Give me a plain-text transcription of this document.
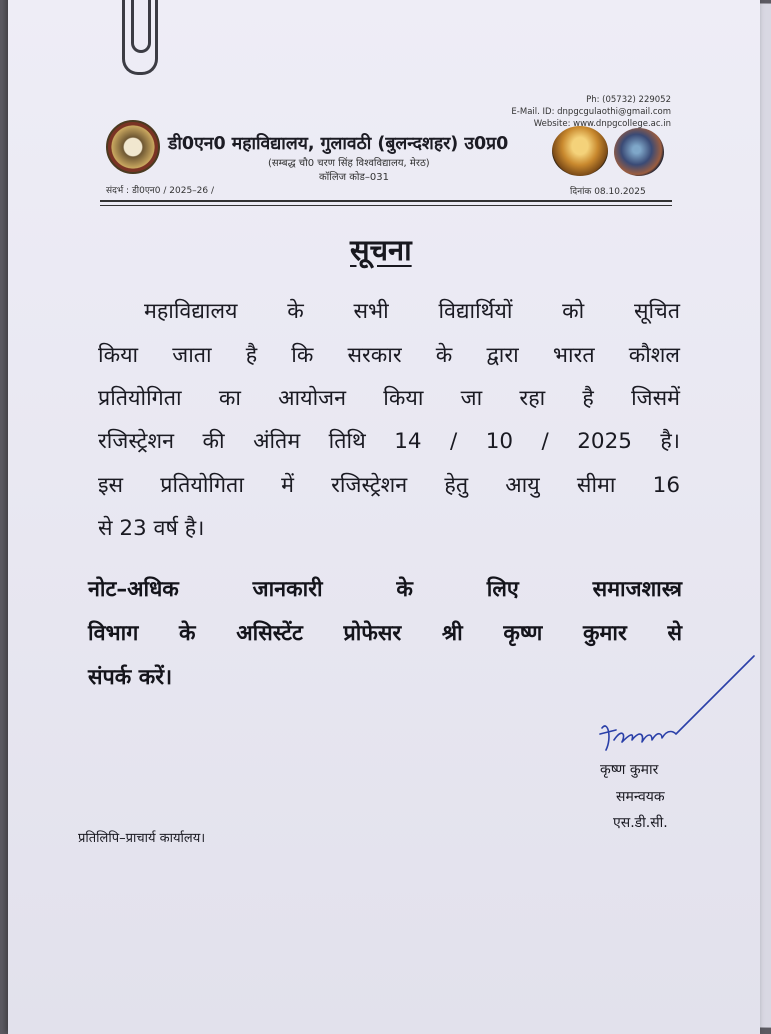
Ph: (05732) 229052
E-Mail. ID: dnpgcgulaothi@gmail.com
Website: www.dnpgcollege.ac.in
डी0एन0 महाविद्यालय, गुलावठी (बुलन्दशहर) उ0प्र0
(सम्बद्ध चौ0 चरण सिंह विश्वविद्यालय, मेरठ)
कॉलिज कोड–031
संदर्भ : डी0एन0 / 2025–26 /	दिनांक 08.10.2025
सूचना
महाविद्यालय के सभी विद्यार्थियों को सूचित
किया जाता है कि सरकार के द्वारा भारत कौशल
प्रतियोगिता का आयोजन किया जा रहा है जिसमें
रजिस्ट्रेशन की अंतिम तिथि 14 / 10 / 2025 है।
इस प्रतियोगिता में रजिस्ट्रेशन हेतु आयु सीमा 16
से 23 वर्ष है।
नोट–अधिक जानकारी के लिए समाजशास्त्र
विभाग के असिस्टेंट प्रोफेसर श्री कृष्ण कुमार से
संपर्क करें।
कृष्ण कुमार
समन्वयक
एस.डी.सी.
प्रतिलिपि–प्राचार्य कार्यालय।
